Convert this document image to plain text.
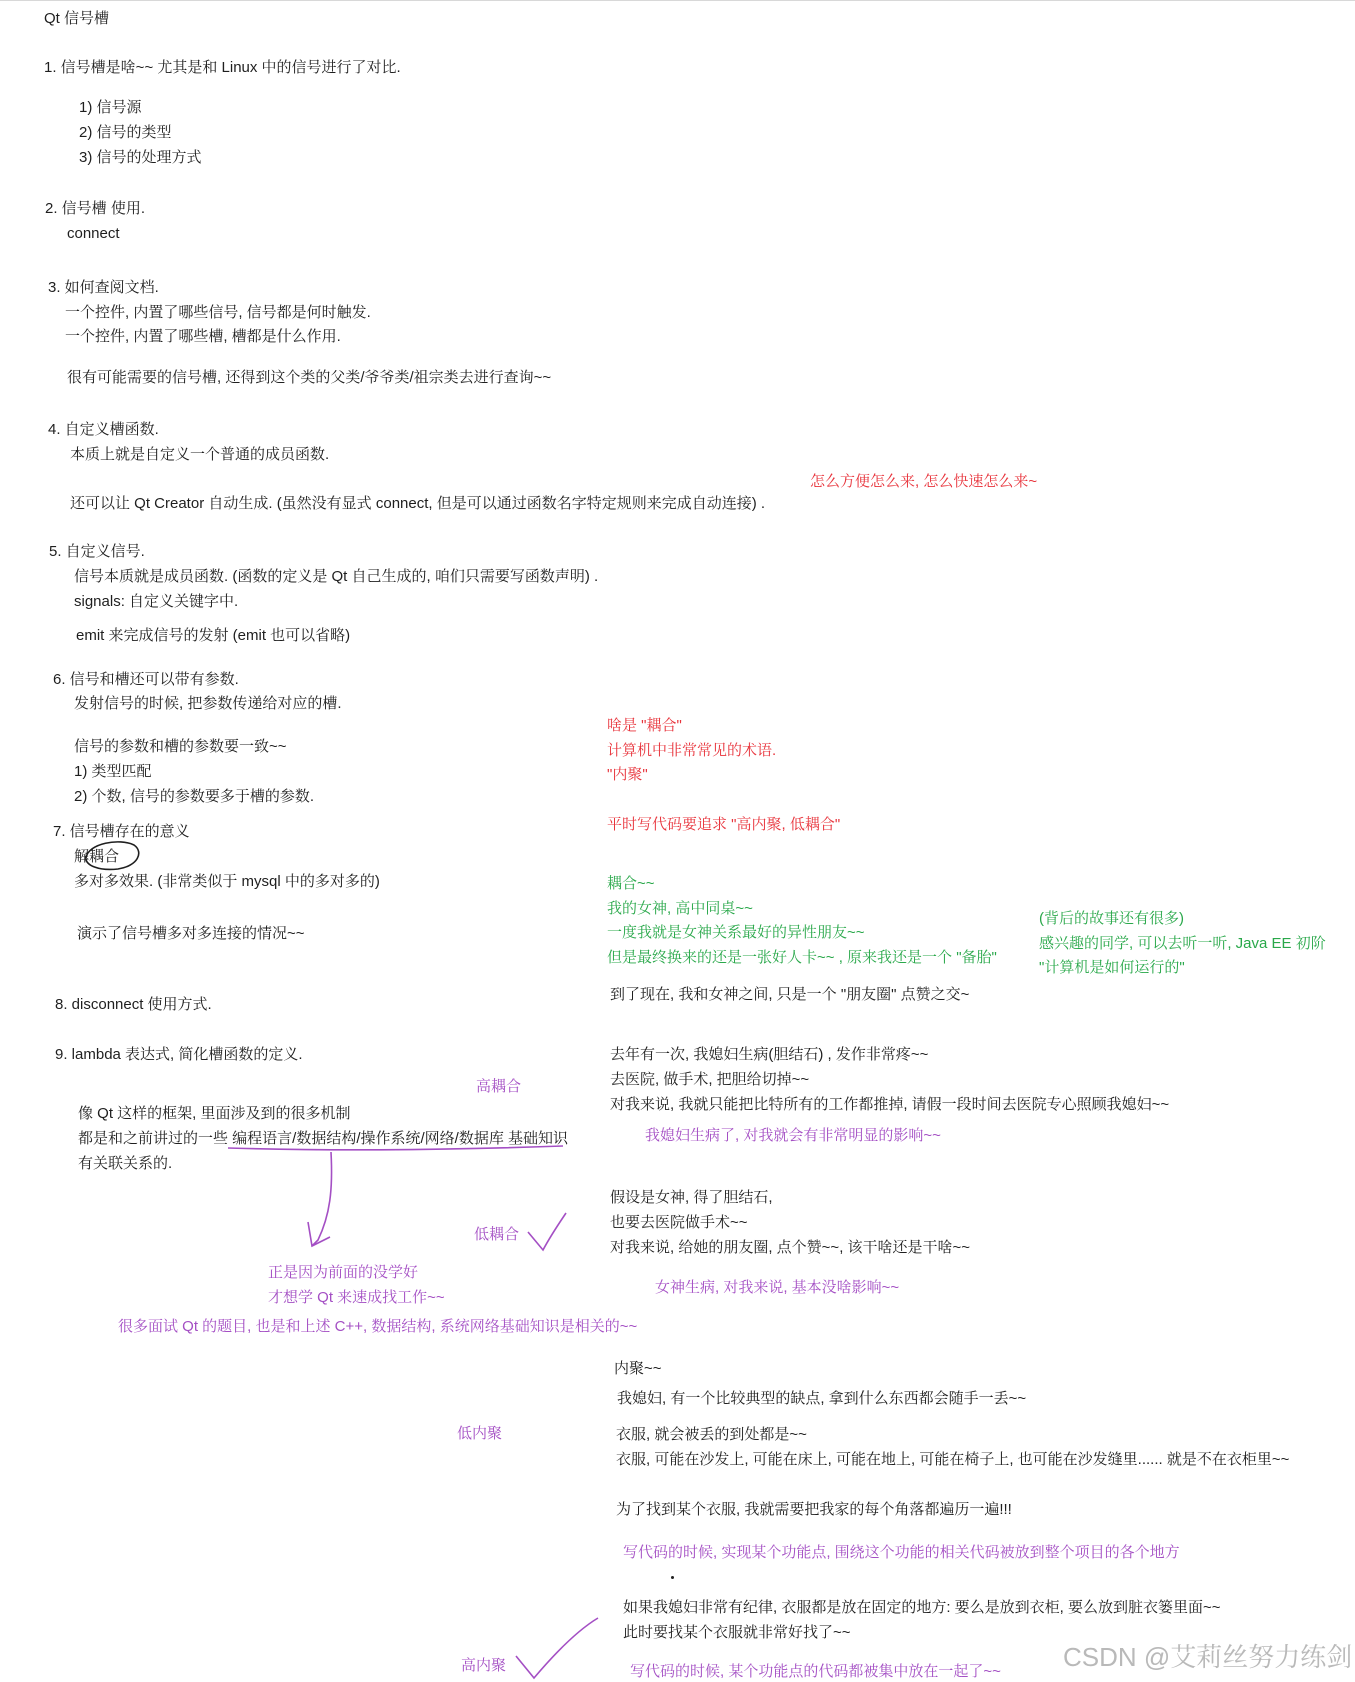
Qt 信号槽
1. 信号槽是啥~~ 尤其是和 Linux 中的信号进行了对比.
1) 信号源
2) 信号的类型
3) 信号的处理方式
2. 信号槽 使用.
connect
3. 如何查阅文档.
一个控件, 内置了哪些信号, 信号都是何时触发.
一个控件, 内置了哪些槽, 槽都是什么作用.
很有可能需要的信号槽, 还得到这个类的父类/爷爷类/祖宗类去进行查询~~
4. 自定义槽函数.
本质上就是自定义一个普通的成员函数.
还可以让 Qt Creator 自动生成. (虽然没有显式 connect, 但是可以通过函数名字特定规则来完成自动连接) .
5. 自定义信号.
信号本质就是成员函数. (函数的定义是 Qt 自己生成的, 咱们只需要写函数声明) .
signals: 自定义关键字中.
emit 来完成信号的发射 (emit 也可以省略)
6. 信号和槽还可以带有参数.
发射信号的时候, 把参数传递给对应的槽.
信号的参数和槽的参数要一致~~
1) 类型匹配
2) 个数, 信号的参数要多于槽的参数.
7. 信号槽存在的意义
解耦合
多对多效果. (非常类似于 mysql 中的多对多的)
演示了信号槽多对多连接的情况~~
8. disconnect 使用方式.
9. lambda 表达式, 简化槽函数的定义.
像 Qt 这样的框架, 里面涉及到的很多机制
都是和之前讲过的一些 编程语言/数据结构/操作系统/网络/数据库 基础知识
有关联关系的.
怎么方便怎么来, 怎么快速怎么来~
啥是 "耦合"
计算机中非常常见的术语.
"内聚"
平时写代码要追求 "高内聚, 低耦合"
耦合~~
我的女神, 高中同桌~~
一度我就是女神关系最好的异性朋友~~
但是最终换来的还是一张好人卡~~ , 原来我还是一个 "备胎"
(背后的故事还有很多)
感兴趣的同学, 可以去听一听, Java EE 初阶
"计算机是如何运行的"
到了现在, 我和女神之间, 只是一个 "朋友圈" 点赞之交~
去年有一次, 我媳妇生病(胆结石) , 发作非常疼~~
去医院, 做手术, 把胆给切掉~~
对我来说, 我就只能把比特所有的工作都推掉, 请假一段时间去医院专心照顾我媳妇~~
假设是女神, 得了胆结石,
也要去医院做手术~~
对我来说, 给她的朋友圈, 点个赞~~, 该干啥还是干啥~~
内聚~~
我媳妇, 有一个比较典型的缺点, 拿到什么东西都会随手一丢~~
衣服, 就会被丢的到处都是~~
衣服, 可能在沙发上, 可能在床上, 可能在地上, 可能在椅子上, 也可能在沙发缝里...... 就是不在衣柜里~~
为了找到某个衣服, 我就需要把我家的每个角落都遍历一遍!!!
如果我媳妇非常有纪律, 衣服都是放在固定的地方: 要么是放到衣柜, 要么放到脏衣篓里面~~
此时要找某个衣服就非常好找了~~
高耦合
低耦合
正是因为前面的没学好
才想学 Qt 来速成找工作~~
很多面试 Qt 的题目, 也是和上述 C++, 数据结构, 系统网络基础知识是相关的~~
我媳妇生病了, 对我就会有非常明显的影响~~
女神生病, 对我来说, 基本没啥影响~~
低内聚
写代码的时候, 实现某个功能点, 围绕这个功能的相关代码被放到整个项目的各个地方
高内聚	写代码的时候, 某个功能点的代码都被集中放在一起了~~ CSDN @艾莉丝努力练剑
